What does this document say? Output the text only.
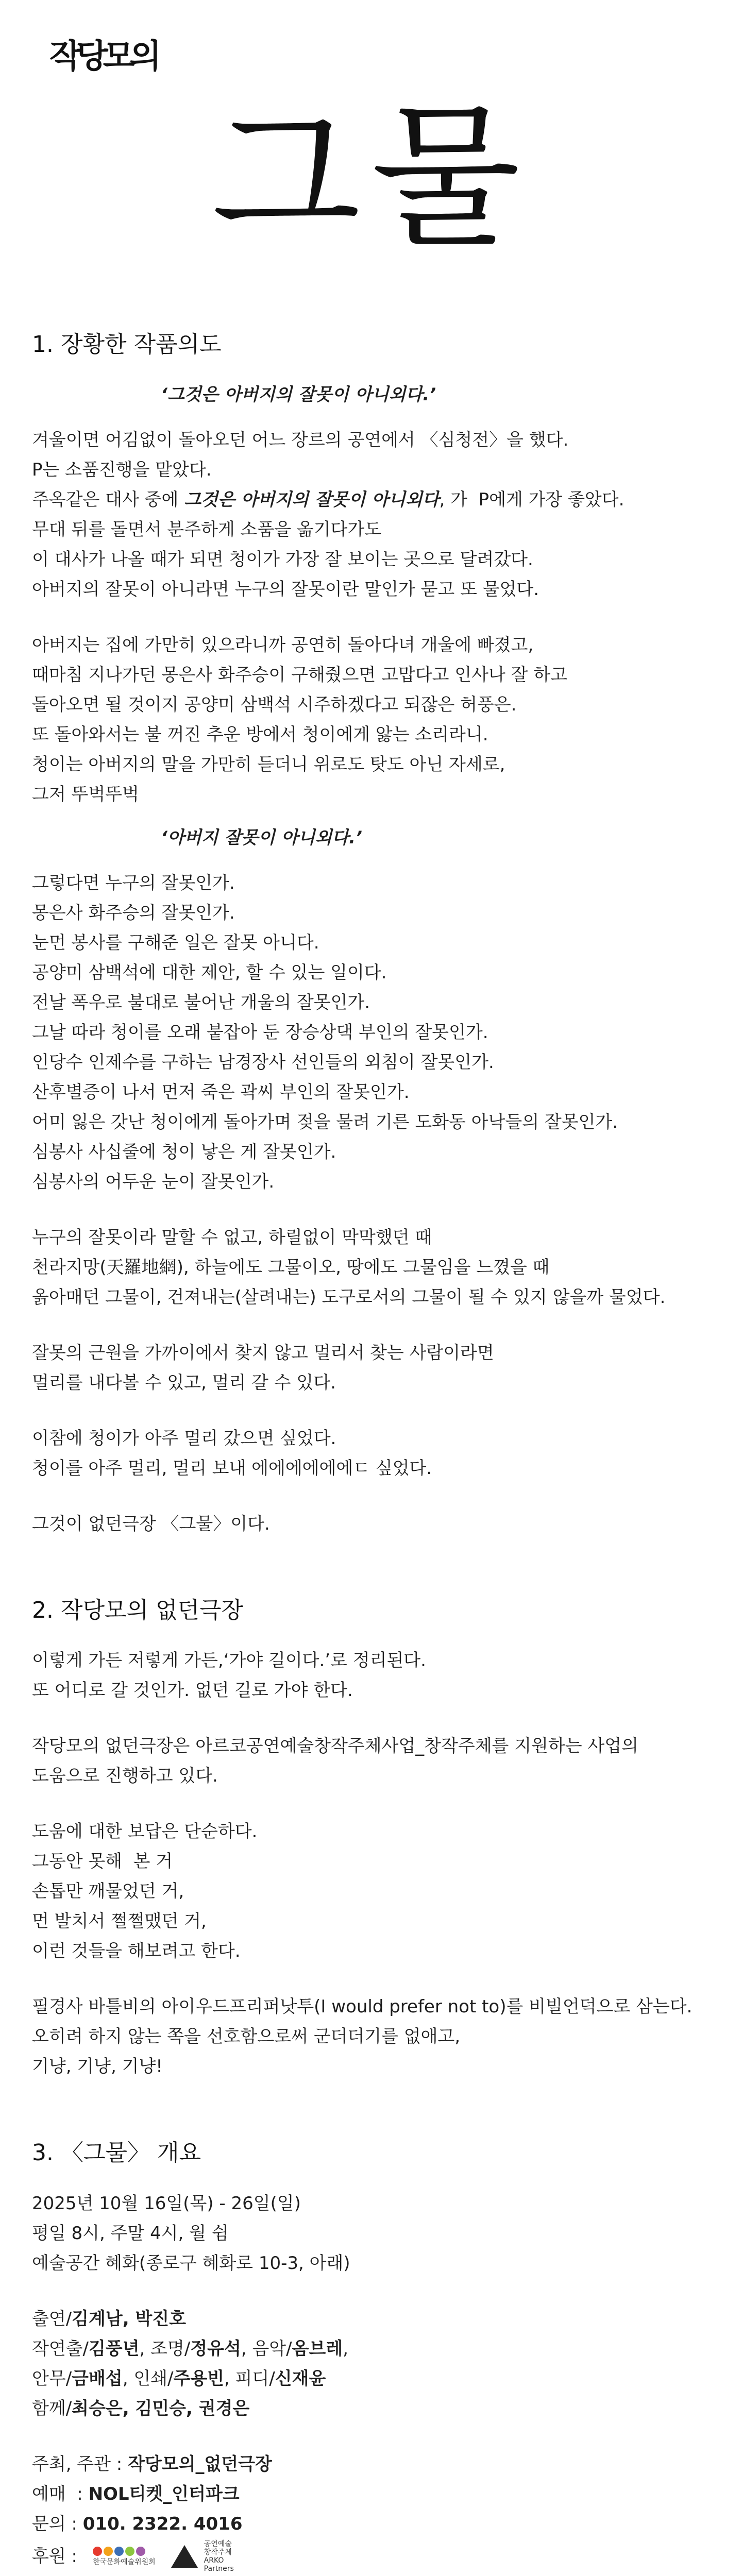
작당모의
그물
1. 장황한 작품의도

‘그것은 아버지의 잘못이 아니외다.’

겨울이면 어김없이 돌아오던 어느 장르의 공연에서 〈심청전〉을 했다.

P는 소품진행을 맡았다.

주옥같은 대사 중에 그것은 아버지의 잘못이 아니외다, 가  P에게 가장 좋았다.

무대 뒤를 돌면서 분주하게 소품을 옮기다가도

이 대사가 나올 때가 되면 청이가 가장 잘 보이는 곳으로 달려갔다.

아버지의 잘못이 아니라면 누구의 잘못이란 말인가 묻고 또 물었다.

아버지는 집에 가만히 있으라니까 공연히 돌아다녀 개울에 빠졌고,

때마침 지나가던 몽은사 화주승이 구해줬으면 고맙다고 인사나 잘 하고

돌아오면 될 것이지 공양미 삼백석 시주하겠다고 되잖은 허풍은.

또 돌아와서는 불 꺼진 추운 방에서 청이에게 앓는 소리라니.

청이는 아버지의 말을 가만히 듣더니 위로도 탓도 아닌 자세로,

그저 뚜벅뚜벅

‘아버지 잘못이 아니외다.’

그렇다면 누구의 잘못인가.

몽은사 화주승의 잘못인가.

눈먼 봉사를 구해준 일은 잘못 아니다.

공양미 삼백석에 대한 제안, 할 수 있는 일이다.

전날 폭우로 불대로 불어난 개울의 잘못인가.

그날 따라 청이를 오래 붙잡아 둔 장승상댁 부인의 잘못인가.

인당수 인제수를 구하는 남경장사 선인들의 외침이 잘못인가.

산후별증이 나서 먼저 죽은 곽씨 부인의 잘못인가.

어미 잃은 갓난 청이에게 돌아가며 젖을 물려 기른 도화동 아낙들의 잘못인가.

심봉사 사십줄에 청이 낳은 게 잘못인가.

심봉사의 어두운 눈이 잘못인가.

누구의 잘못이라 말할 수 없고, 하릴없이 막막했던 때

천라지망(天羅地網), 하늘에도 그물이오, 땅에도 그물임을 느꼈을 때

옭아매던 그물이, 건져내는(살려내는) 도구로서의 그물이 될 수 있지 않을까 물었다.

잘못의 근원을 가까이에서 찾지 않고 멀리서 찾는 사람이라면

멀리를 내다볼 수 있고, 멀리 갈 수 있다.

이참에 청이가 아주 멀리 갔으면 싶었다.

청이를 아주 멀리, 멀리 보내 에에에에에에ㄷ 싶었다.

그것이 없던극장 〈그물〉이다.

2. 작당모의 없던극장

이렇게 가든 저렇게 가든,‘가야 길이다.’로 정리된다.

또 어디로 갈 것인가. 없던 길로 가야 한다.

작당모의 없던극장은 아르코공연예술창작주체사업_창작주체를 지원하는 사업의

도움으로 진행하고 있다.

도움에 대한 보답은 단순하다.

그동안 못해  본 거

손톱만 깨물었던 거,

먼 발치서 쩔쩔맸던 거,

이런 것들을 해보려고 한다.

필경사 바틀비의 아이우드프리퍼낫투(I would prefer not to)를 비빌언덕으로 삼는다.

오히려 하지 않는 쪽을 선호함으로써 군더더기를 없애고,

기냥, 기냥, 기냥!

3. 〈그물〉 개요

2025년 10월 16일(목) - 26일(일)

평일 8시, 주말 4시, 월 쉼

예술공간 혜화(종로구 혜화로 10-3, 아래)

출연/김계남, 박진호

작연출/김풍년, 조명/정유석, 음악/옴브레,

안무/금배섭, 인쇄/주용빈, 피디/신재윤

함께/최승은, 김민승, 권경은

주최, 주관 : 작당모의_없던극장

예매  : NOL티켓_인터파크

문의 : 010. 2322. 4016

후원 : 한국문화예술위원회
공연예술
창작주체
ARKO
Partners
